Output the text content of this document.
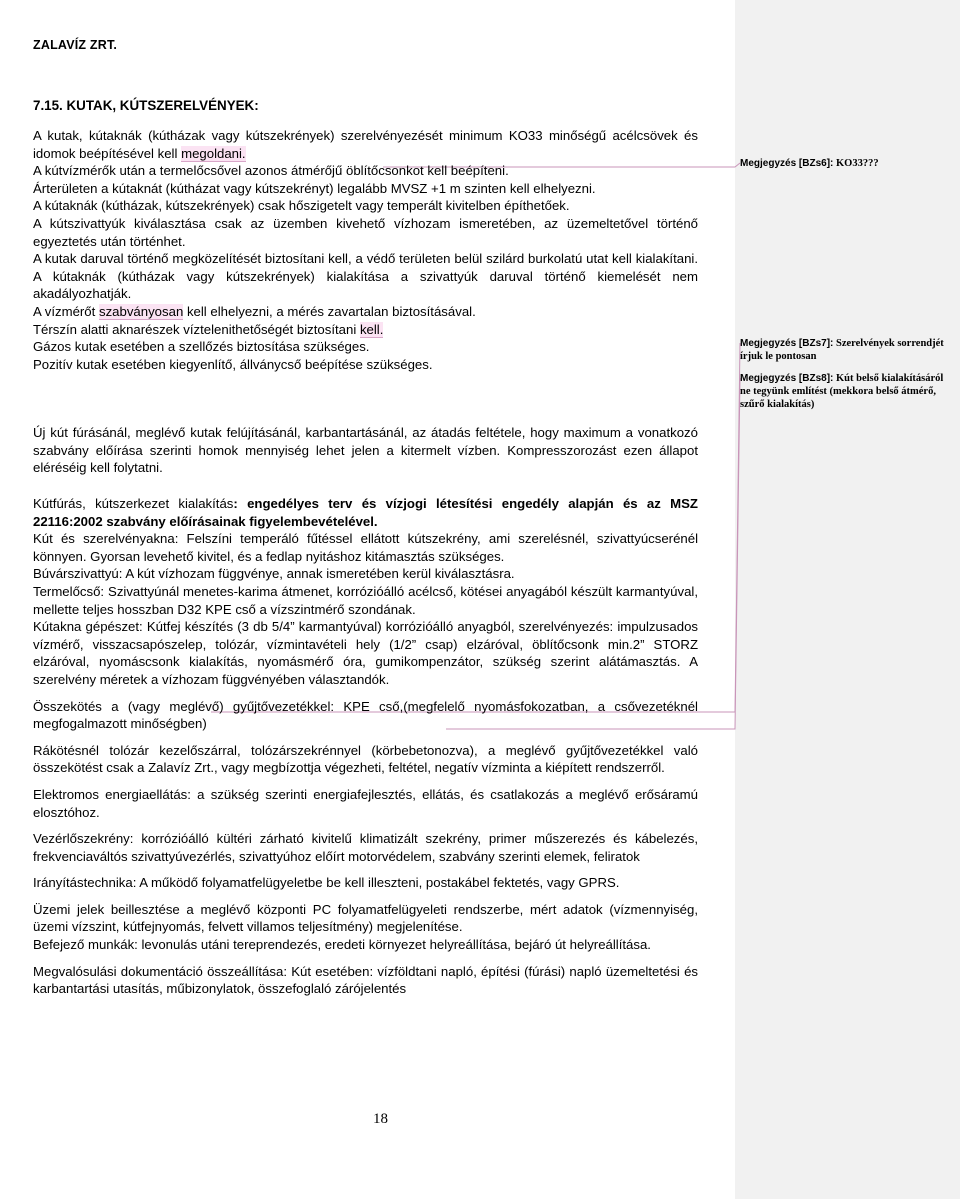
ZALAVÍZ ZRT.
7.15. KUTAK, KÚTSZERELVÉNYEK:

A kutak, kútaknák (kútházak vagy kútszekrények) szerelvényezését minimum KO33 minőségű acélcsövek és idomok beépítésével kell megoldani.

A kútvízmérők után a termelőcsővel azonos átmérőjű öblítőcsonkot kell beépíteni.

Árterületen a kútaknát (kútházat vagy kútszekrényt) legalább MVSZ +1 m szinten kell elhelyezni.

A kútaknák (kútházak, kútszekrények) csak hőszigetelt vagy temperált kivitelben építhetőek.

A kútszivattyúk kiválasztása csak az üzemben kivehető vízhozam ismeretében, az üzemeltetővel történő egyeztetés után történhet.

A kutak daruval történő megközelítését biztosítani kell, a védő területen belül szilárd burkolatú utat kell kialakítani. A kútaknák (kútházak vagy kútszekrények) kialakítása a szivattyúk daruval történő kiemelését nem akadályozhatják.

A vízmérőt szabványosan kell elhelyezni, a mérés zavartalan biztosításával.

Térszín alatti aknarészek víztelenithetőségét biztosítani kell.

Gázos kutak esetében a szellőzés biztosítása szükséges.

Pozitív kutak esetében kiegyenlítő, állványcső beépítése szükséges.

Új kút fúrásánál, meglévő kutak felújításánál, karbantartásánál, az átadás feltétele, hogy maximum a vonatkozó szabvány előírása szerinti homok mennyiség lehet jelen a kitermelt vízben. Kompresszorozást ezen állapot eléréséig kell folytatni.

Kútfúrás, kútszerkezet kialakítás: engedélyes terv és vízjogi létesítési engedély alapján és az MSZ 22116:2002 szabvány előírásainak figyelembevételével.

Kút és szerelvényakna: Felszíni temperáló fűtéssel ellátott kútszekrény, ami szerelésnél, szivattyúcserénél könnyen. Gyorsan levehető kivitel, és a fedlap nyitáshoz kitámasztás szükséges.

Búvárszivattyú: A kút vízhozam függvénye, annak ismeretében kerül kiválasztásra.

Termelőcső: Szivattyúnál menetes-karima átmenet, korrózióálló acélcső, kötései anyagából készült karmantyúval, mellette teljes hosszban D32 KPE cső a vízszintmérő szondának.

Kútakna gépészet: Kútfej készítés (3 db 5/4” karmantyúval) korrózióálló anyagból, szerelvényezés: impulzusados vízmérő, visszacsapószelep, tolózár, vízmintavételi hely (1/2” csap) elzáróval, öblítőcsonk min.2” STORZ elzáróval, nyomáscsonk kialakítás, nyomásmérő óra, gumikompenzátor, szükség szerint alátámasztás. A szerelvény méretek a vízhozam függvényében választandók.

Összekötés a (vagy meglévő) gyűjtővezetékkel: KPE cső,(megfelelő nyomásfokozatban, a csővezetéknél megfogalmazott minőségben)

Rákötésnél tolózár kezelőszárral, tolózárszekrénnyel (körbebetonozva), a meglévő gyűjtővezetékkel való összekötést csak a Zalavíz Zrt., vagy megbízottja végezheti, feltétel, negatív vízminta a kiépített rendszerről.

Elektromos energiaellátás: a szükség szerinti energiafejlesztés, ellátás, és csatlakozás a meglévő erősáramú elosztóhoz.

Vezérlőszekrény: korrózióálló kültéri zárható kivitelű klimatizált szekrény, primer műszerezés és kábelezés, frekvenciaváltós szivattyúvezérlés, szivattyúhoz előírt motorvédelem, szabvány szerinti elemek, feliratok

Irányítástechnika: A működő folyamatfelügyeletbe be kell illeszteni, postakábel fektetés, vagy GPRS.

Üzemi jelek beillesztése a meglévő központi PC folyamatfelügyeleti rendszerbe, mért adatok (vízmennyiség, üzemi vízszint, kútfejnyomás, felvett villamos teljesítmény) megjelenítése.

Befejező munkák: levonulás utáni tereprendezés, eredeti környezet helyreállítása, bejáró út helyreállítása.

Megvalósulási dokumentáció összeállítása: Kút esetében: vízföldtani napló, építési (fúrási) napló üzemeltetési és karbantartási utasítás, műbizonylatok, összefoglaló zárójelentés

18
Megjegyzés [BZs6]: KO33???
Megjegyzés [BZs7]: Szerelvények sorrendjét írjuk le pontosan
Megjegyzés [BZs8]: Kút belső kialakításáról ne tegyünk említést (mekkora belső átmérő, szűrő kialakítás)
